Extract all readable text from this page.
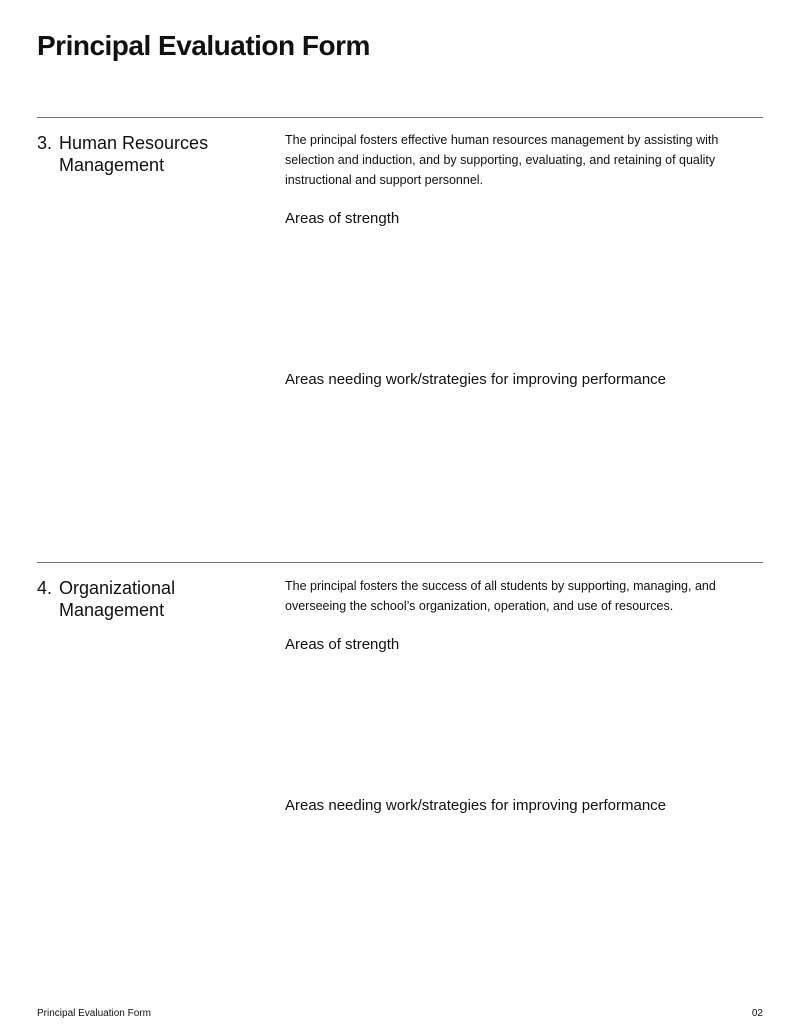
Principal Evaluation Form
3. Human Resources Management

The principal fosters effective human resources management by assisting with selection and induction, and by supporting, evaluating, and retaining of quality instructional and support personnel.

Areas of strength
Areas needing work/strategies for improving performance
4. Organizational Management

The principal fosters the success of all students by supporting, managing, and overseeing the school’s organization, operation, and use of resources.

Areas of strength
Areas needing work/strategies for improving performance
Principal Evaluation Form	02
